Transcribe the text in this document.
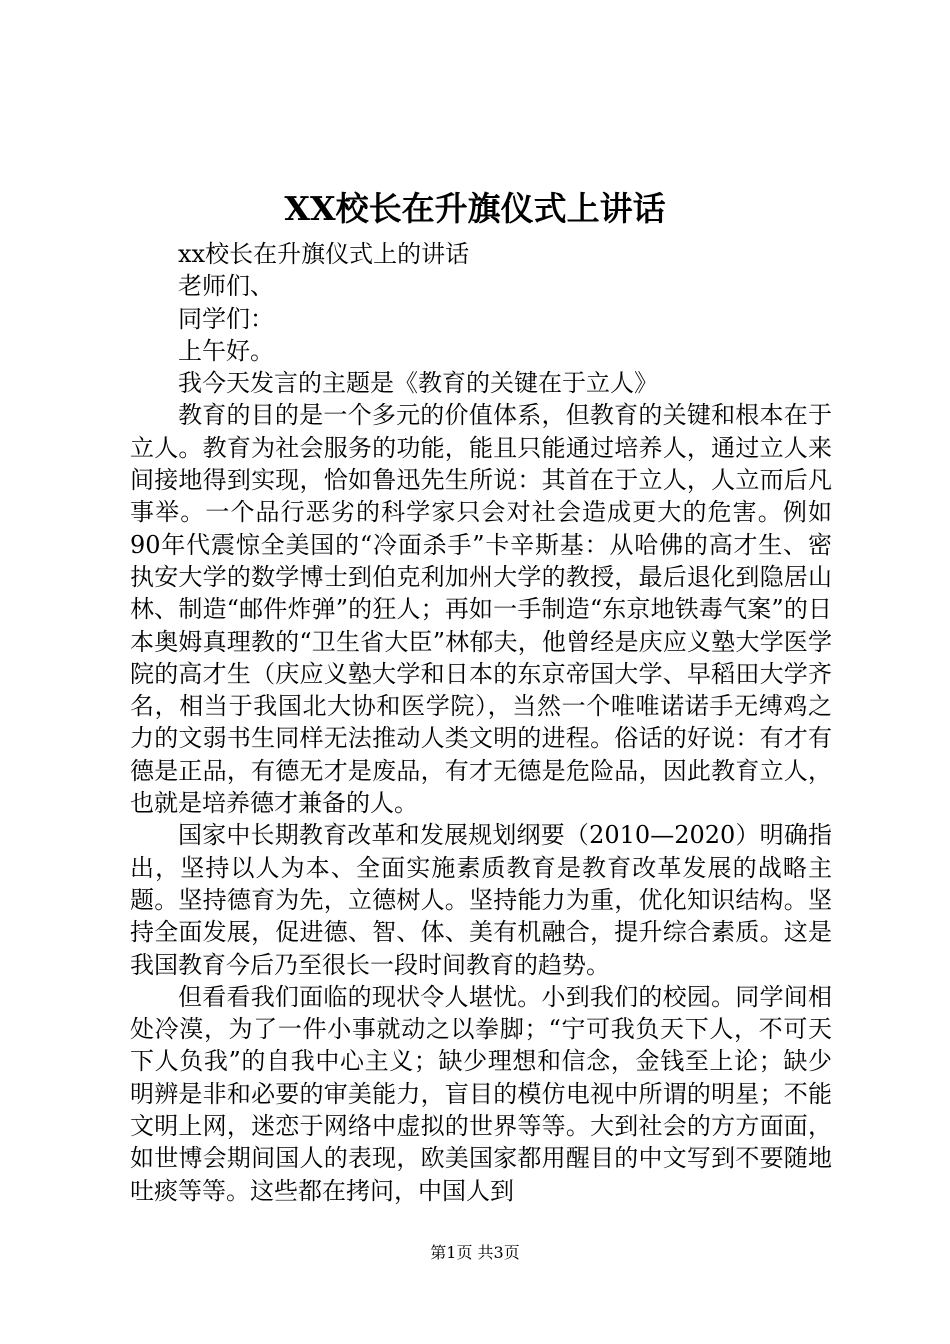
XX校长在升旗仪式上讲话

xx校长在升旗仪式上的讲话

老师们、

同学们：

上午好。

我今天发言的主题是《教育的关键在于立人》

教育的目的是一个多元的价值体系，但教育的关键和根本在于立人。教育为社会服务的功能，能且只能通过培养人，通过立人来间接地得到实现，恰如鲁迅先生所说：其首在于立人，人立而后凡事举。一个品行恶劣的科学家只会对社会造成更大的危害。例如90年代震惊全美国的“冷面杀手”卡辛斯基：从哈佛的高才生、密执安大学的数学博士到伯克利加州大学的教授，最后退化到隐居山林、制造“邮件炸弹”的狂人；再如一手制造“东京地铁毒气案”的日本奥姆真理教的“卫生省大臣”林郁夫，他曾经是庆应义塾大学医学院的高才生（庆应义塾大学和日本的东京帝国大学、早稻田大学齐名，相当于我国北大协和医学院），当然一个唯唯诺诺手无缚鸡之力的文弱书生同样无法推动人类文明的进程。俗话的好说：有才有德是正品，有德无才是废品，有才无德是危险品，因此教育立人，也就是培养德才兼备的人。

国家中长期教育改革和发展规划纲要（2010—2020）明确指出，坚持以人为本、全面实施素质教育是教育改革发展的战略主题。坚持德育为先，立德树人。坚持能力为重，优化知识结构。坚持全面发展，促进德、智、体、美有机融合，提升综合素质。这是我国教育今后乃至很长一段时间教育的趋势。

但看看我们面临的现状令人堪忧。小到我们的校园。同学间相处冷漠，为了一件小事就动之以拳脚；“宁可我负天下人，不可天下人负我”的自我中心主义；缺少理想和信念，金钱至上论；缺少明辨是非和必要的审美能力，盲目的模仿电视中所谓的明星；不能文明上网，迷恋于网络中虚拟的世界等等。大到社会的方方面面，如世博会期间国人的表现，欧美国家都用醒目的中文写到不要随地吐痰等等。这些都在拷问，中国人到

第1页 共3页
